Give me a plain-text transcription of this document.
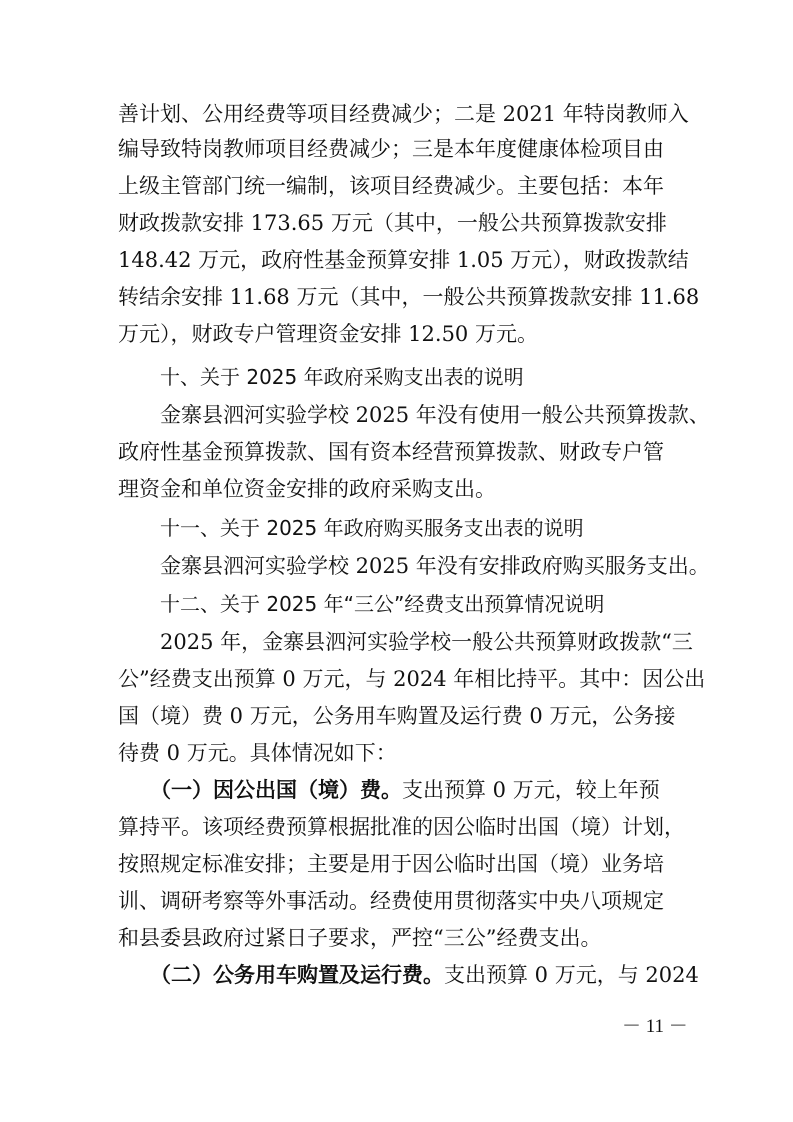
善计划、公用经费等项目经费减少；二是 2021 年特岗教师入

编导致特岗教师项目经费减少；三是本年度健康体检项目由

上级主管部门统一编制，该项目经费减少。主要包括：本年

财政拨款安排 173.65 万元（其中，一般公共预算拨款安排

148.42 万元，政府性基金预算安排 1.05 万元），财政拨款结

转结余安排 11.68 万元（其中，一般公共预算拨款安排 11.68

万元），财政专户管理资金安排 12.50 万元。

十、关于 2025 年政府采购支出表的说明

金寨县泗河实验学校 2025 年没有使用一般公共预算拨款、

政府性基金预算拨款、国有资本经营预算拨款、财政专户管

理资金和单位资金安排的政府采购支出。

十一、关于 2025 年政府购买服务支出表的说明

金寨县泗河实验学校 2025 年没有安排政府购买服务支出。

十二、关于 2025 年“三公”经费支出预算情况说明

2025 年，金寨县泗河实验学校一般公共预算财政拨款“三

公”经费支出预算 0 万元，与 2024 年相比持平。其中：因公出

国（境）费 0 万元，公务用车购置及运行费 0 万元，公务接

待费 0 万元。具体情况如下：

（一）因公出国（境）费。支出预算 0 万元，较上年预

算持平。该项经费预算根据批准的因公临时出国（境）计划，

按照规定标准安排；主要是用于因公临时出国（境）业务培

训、调研考察等外事活动。经费使用贯彻落实中央八项规定

和县委县政府过紧日子要求，严控“三公”经费支出。

（二）公务用车购置及运行费。支出预算 0 万元，与 2024

－ 11 －
